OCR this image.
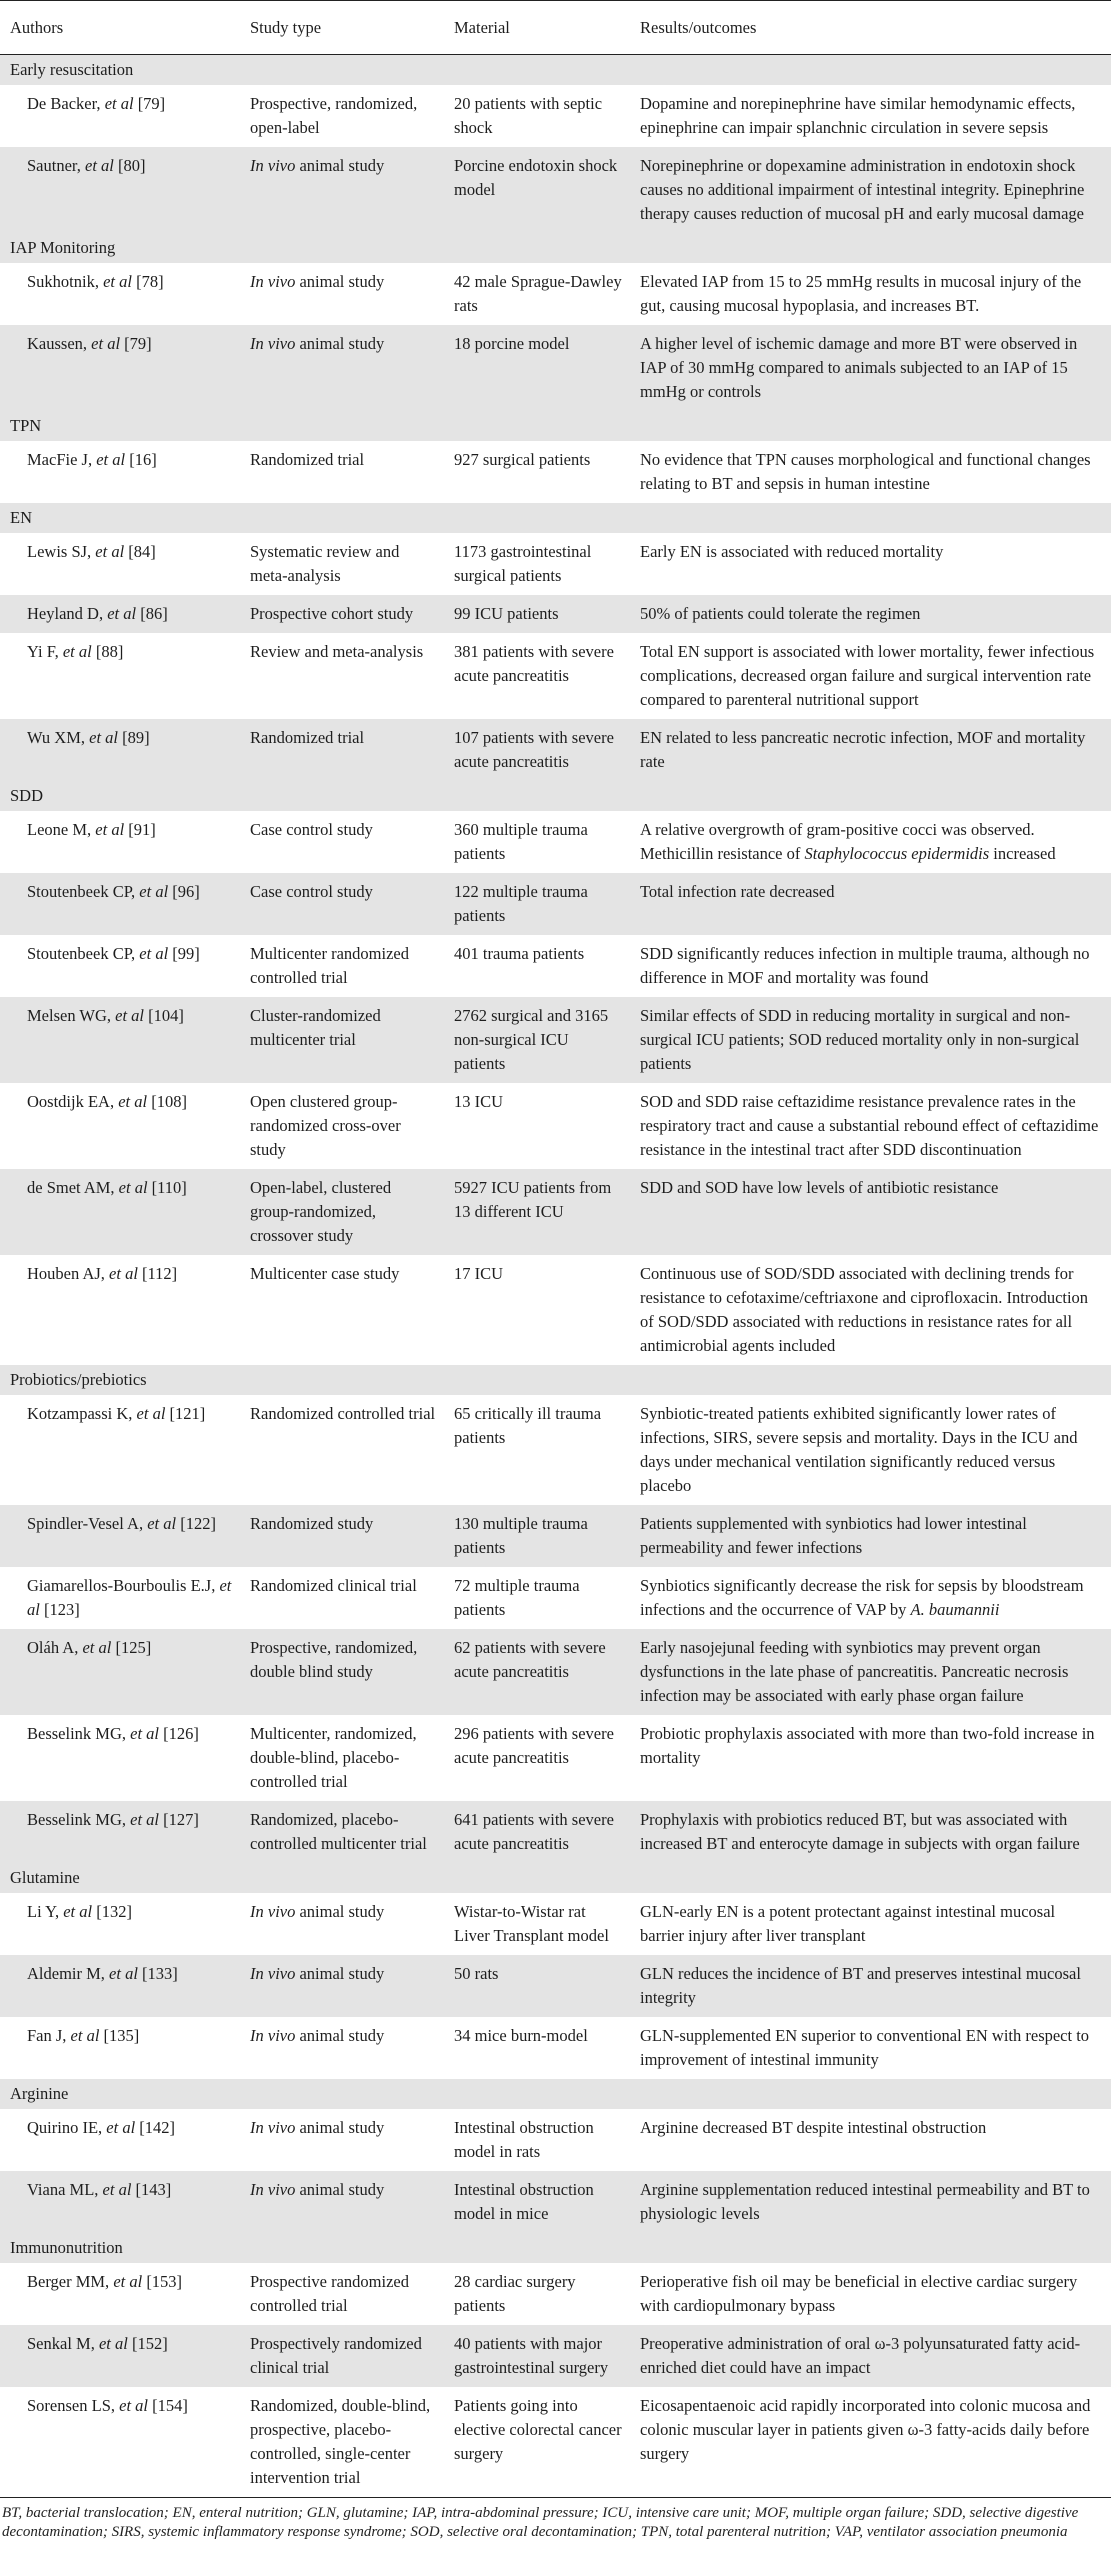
Authors	Study type	Material	Results/outcomes
Early resuscitation			
De Backer, et al [79]	Prospective, randomized, open-label	20 patients with septic shock	Dopamine and norepinephrine have similar hemodynamic effects, epinephrine can impair splanchnic circulation in severe sepsis
Sautner, et al [80]	In vivo animal study	Porcine endotoxin shock model	Norepinephrine or dopexamine administration in endotoxin shock causes no additional impairment of intestinal integrity. Epinephrine therapy causes reduction of mucosal pH and early mucosal damage
IAP Monitoring			
Sukhotnik, et al [78]	In vivo animal study	42 male Sprague-Dawley rats	Elevated IAP from 15 to 25 mmHg results in mucosal injury of the gut, causing mucosal hypoplasia, and increases BT.
Kaussen, et al [79]	In vivo animal study	18 porcine model	A higher level of ischemic damage and more BT were observed in IAP of 30 mmHg compared to animals subjected to an IAP of 15 mmHg or controls
TPN			
MacFie J, et al [16]	Randomized trial	927 surgical patients	No evidence that TPN causes morphological and functional changes relating to BT and sepsis in human intestine
EN			
Lewis SJ, et al [84]	Systematic review and meta-analysis	1173 gastrointestinal surgical patients	Early EN is associated with reduced mortality
Heyland D, et al [86]	Prospective cohort study	99 ICU patients	50% of patients could tolerate the regimen
Yi F, et al [88]	Review and meta-analysis	381 patients with severe acute pancreatitis	Total EN support is associated with lower mortality, fewer infectious complications, decreased organ failure and surgical intervention rate compared to parenteral nutritional support
Wu XM, et al [89]	Randomized trial	107 patients with severe acute pancreatitis	EN related to less pancreatic necrotic infection, MOF and mortality rate
SDD			
Leone M, et al [91]	Case control study	360 multiple trauma patients	A relative overgrowth of gram-positive cocci was observed. Methicillin resistance of Staphylococcus epidermidis increased
Stoutenbeek CP, et al [96]	Case control study	122 multiple trauma patients	Total infection rate decreased
Stoutenbeek CP, et al [99]	Multicenter randomized controlled trial	401 trauma patients	SDD significantly reduces infection in multiple trauma, although no difference in MOF and mortality was found
Melsen WG, et al [104]	Cluster-randomized multicenter trial	2762 surgical and 3165 non-surgical ICU patients	Similar effects of SDD in reducing mortality in surgical and non-surgical ICU patients; SOD reduced mortality only in non-surgical patients
Oostdijk EA, et al [108]	Open clustered group-randomized cross-over study	13 ICU	SOD and SDD raise ceftazidime resistance prevalence rates in the respiratory tract and cause a substantial rebound effect of ceftazidime resistance in the intestinal tract after SDD discontinuation
de Smet AM, et al [110]	Open-label, clustered group-randomized, crossover study	5927 ICU patients from 13 different ICU	SDD and SOD have low levels of antibiotic resistance
Houben AJ, et al [112]	Multicenter case study	17 ICU	Continuous use of SOD/SDD associated with declining trends for resistance to cefotaxime/ceftriaxone and ciprofloxacin. Introduction of SOD/SDD associated with reductions in resistance rates for all antimicrobial agents included
Probiotics/prebiotics			
Kotzampassi K, et al [121]	Randomized controlled trial	65 critically ill trauma patients	Synbiotic-treated patients exhibited significantly lower rates of infections, SIRS, severe sepsis and mortality. Days in the ICU and days under mechanical ventilation significantly reduced versus placebo
Spindler-Vesel A, et al [122]	Randomized study	130 multiple trauma patients	Patients supplemented with synbiotics had lower intestinal permeability and fewer infections
Giamarellos-Bourboulis E.J, et al [123]	Randomized clinical trial	72 multiple trauma patients	Synbiotics significantly decrease the risk for sepsis by bloodstream infections and the occurrence of VAP by A. baumannii
Oláh A, et al [125]	Prospective, randomized, double blind study	62 patients with severe acute pancreatitis	Early nasojejunal feeding with synbiotics may prevent organ dysfunctions in the late phase of pancreatitis. Pancreatic necrosis infection may be associated with early phase organ failure
Besselink MG, et al [126]	Multicenter, randomized, double-blind, placebo-controlled trial	296 patients with severe acute pancreatitis	Probiotic prophylaxis associated with more than two-fold increase in mortality
Besselink MG, et al [127]	Randomized, placebo-controlled multicenter trial	641 patients with severe acute pancreatitis	Prophylaxis with probiotics reduced BT, but was associated with increased BT and enterocyte damage in subjects with organ failure
Glutamine			
Li Y, et al [132]	In vivo animal study	Wistar-to-Wistar rat Liver Transplant model	GLN-early EN is a potent protectant against intestinal mucosal barrier injury after liver transplant
Aldemir M, et al [133]	In vivo animal study	50 rats	GLN reduces the incidence of BT and preserves intestinal mucosal integrity
Fan J, et al [135]	In vivo animal study	34 mice burn-model	GLN-supplemented EN superior to conventional EN with respect to improvement of intestinal immunity
Arginine			
Quirino IE, et al [142]	In vivo animal study	Intestinal obstruction model in rats	Arginine decreased BT despite intestinal obstruction
Viana ML, et al [143]	In vivo animal study	Intestinal obstruction model in mice	Arginine supplementation reduced intestinal permeability and BT to physiologic levels
Immunonutrition			
Berger MM, et al [153]	Prospective randomized controlled trial	28 cardiac surgery patients	Perioperative fish oil may be beneficial in elective cardiac surgery with cardiopulmonary bypass
Senkal M, et al [152]	Prospectively randomized clinical trial	40 patients with major gastrointestinal surgery	Preoperative administration of oral ω-3 polyunsaturated fatty acid-enriched diet could have an impact
Sorensen LS, et al [154]	Randomized, double-blind, prospective, placebo-controlled, single-center intervention trial	Patients going into elective colorectal cancer surgery	Eicosapentaenoic acid rapidly incorporated into colonic mucosa and colonic muscular layer in patients given ω-3 fatty-acids daily before surgery
BT, bacterial translocation; EN, enteral nutrition; GLN, glutamine; IAP, intra-abdominal pressure; ICU, intensive care unit; MOF, multiple organ failure; SDD, selective digestive decontamination; SIRS, systemic inflammatory response syndrome; SOD, selective oral decontamination; TPN, total parenteral nutrition; VAP, ventilator association pneumonia
